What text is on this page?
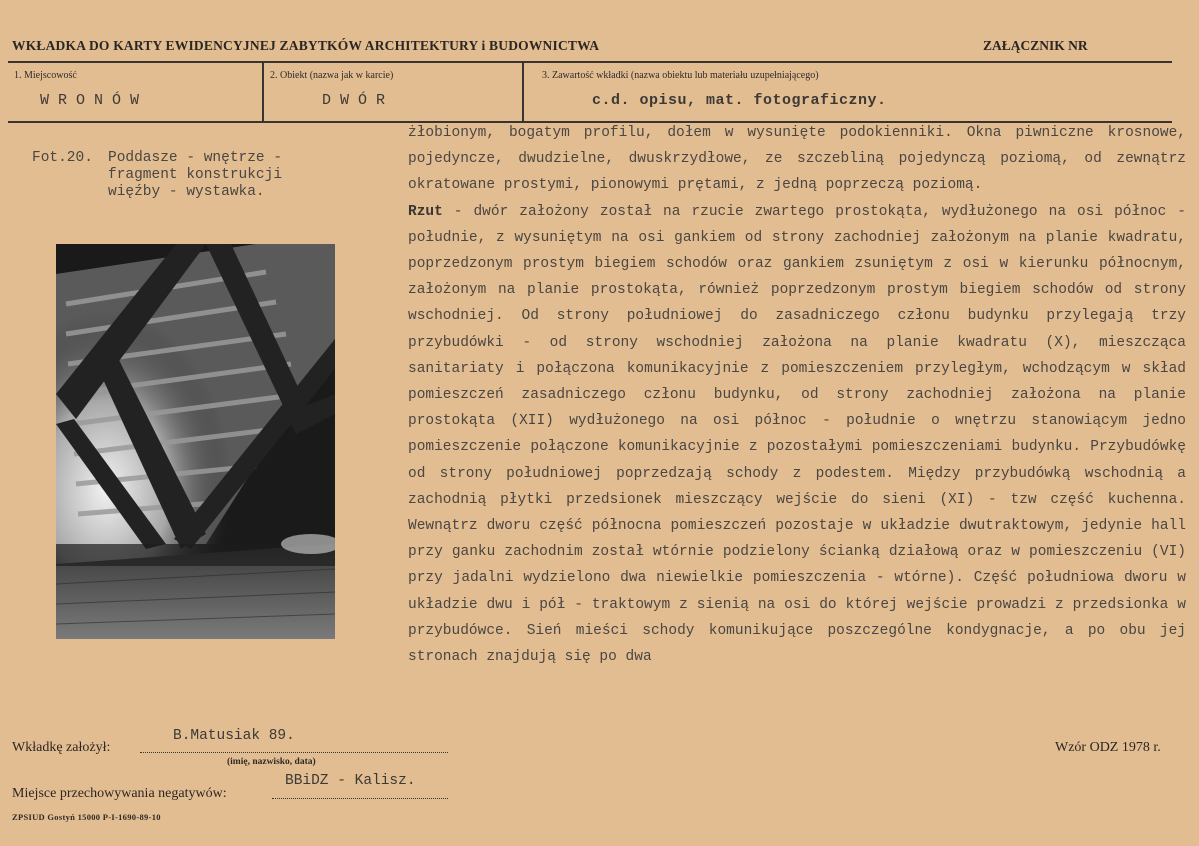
WKŁADKA DO KARTY EWIDENCYJNEJ ZABYTKÓW ARCHITEKTURY i BUDOWNICTWA	ZAŁĄCZNIK NR
1. Miejscowość
WRONÓW
2. Obiekt (nazwa jak w karcie)
DWÓR
3. Zawartość wkładki (nazwa obiektu lub materiału uzupełniającego)
c.d. opisu, mat. fotograficzny.
Fot.20.	Poddasze - wnętrze - fragment konstrukcji więźby - wystawka.

żłobionym, bogatym profilu, dołem w wysunięte podokienniki. Okna piwniczne krosnowe, pojedyncze, dwudzielne, dwuskrzydłowe, ze szczebliną pojedynczą poziomą, od zewnątrz okratowane prostymi, pionowymi prętami, z jedną poprzeczą poziomą.

Rzut - dwór założony został na rzucie zwartego prostokąta, wydłużonego na osi północ - południe, z wysuniętym na osi gankiem od strony zachodniej założonym na planie kwadratu, poprzedzonym prostym biegiem schodów oraz gankiem zsuniętym z osi w kierunku północnym, założonym na planie prostokąta, również poprzedzonym prostym biegiem schodów od strony wschodniej. Od strony południowej do zasadniczego członu budynku przylegają trzy przybudówki - od strony wschodniej założona na planie kwadratu (X), mieszcząca sanitariaty i połączona komunikacyjnie z pomieszczeniem przyległym, wchodzącym w skład pomieszczeń zasadniczego członu budynku, od strony zachodniej założona na planie prostokąta (XII) wydłużonego na osi północ - południe o wnętrzu stanowiącym jedno pomieszczenie połączone komunikacyjnie z pozostałymi pomieszczeniami budynku. Przybudówkę od strony południowej poprzedzają schody z podestem. Między przybudówką wschodnią a zachodnią płytki przedsionek mieszczący wejście do sieni (XI) - tzw część kuchenna. Wewnątrz dworu część północna pomieszczeń pozostaje w układzie dwutraktowym, jedynie hall przy ganku zachodnim został wtórnie podzielony ścianką działową oraz w pomieszczeniu (VI) przy jadalni wydzielono dwa niewielkie pomieszczenia - wtórne). Część południowa dworu w układzie dwu i pół - traktowym z sienią na osi do której wejście prowadzi z przedsionka w przybudówce. Sień mieści schody komunikujące poszczególne kondygnacje, a po obu jej stronach znajdują się po dwa

Wkładkę założył:
B.Matusiak 89.
(imię, nazwisko, data)
Miejsce przechowywania negatywów:
BBiDZ - Kalisz.
Wzór ODZ 1978 r.
ZPSIUD Gostyń 15000 P-I-1690-89-10
